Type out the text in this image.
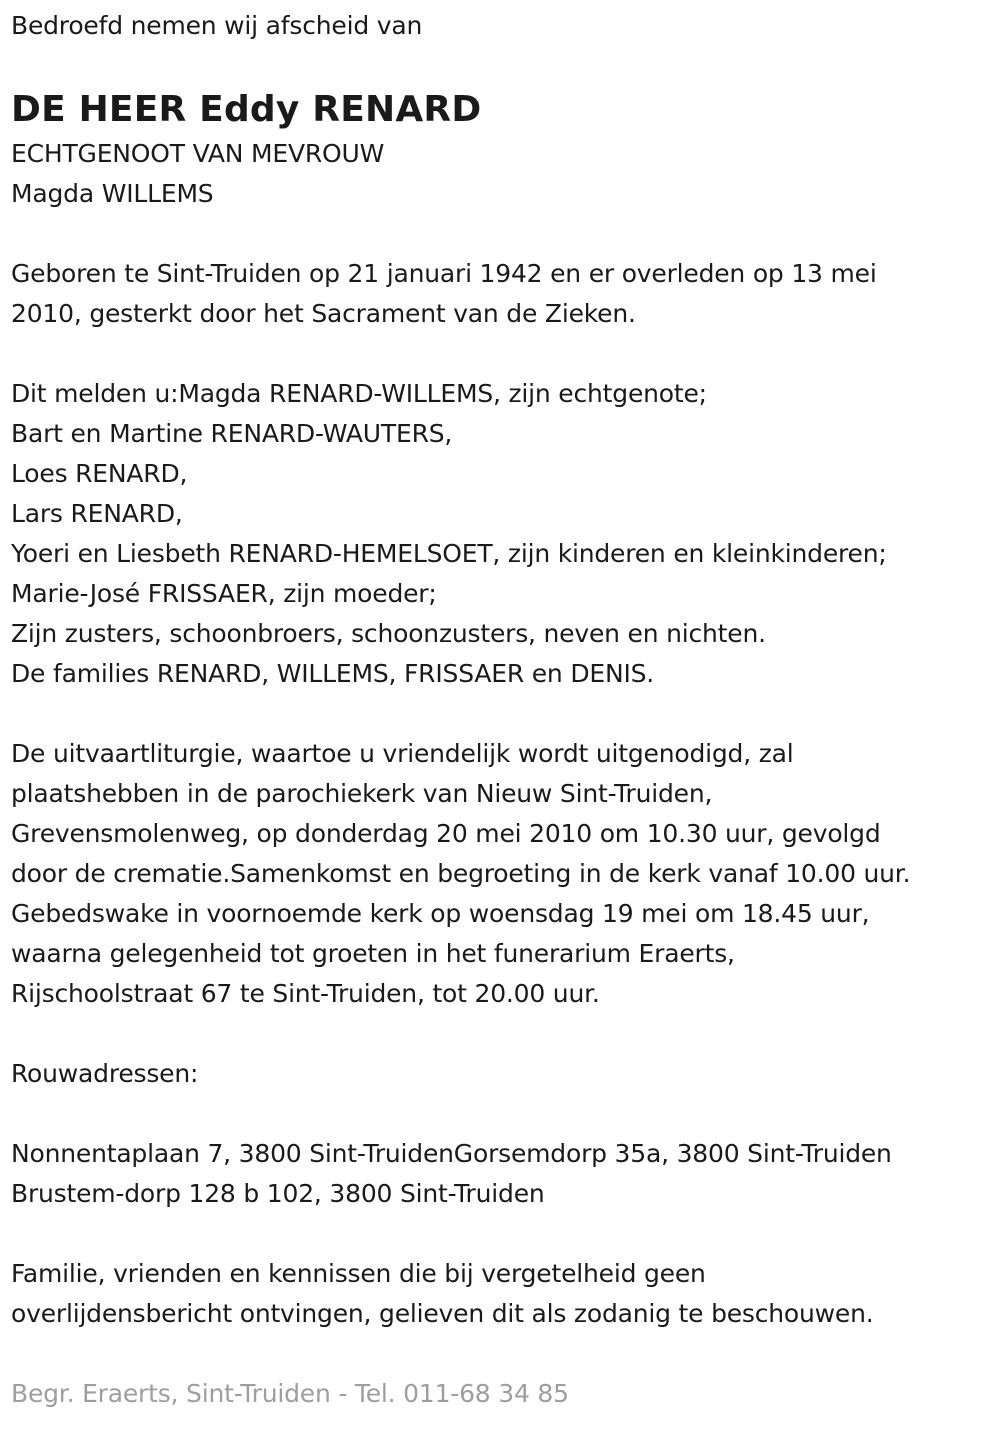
Bedroefd nemen wij afscheid van
DE HEER Eddy RENARD
ECHTGENOOT VAN MEVROUW
Magda WILLEMS
Geboren te Sint-Truiden op 21 januari 1942 en er overleden op 13 mei
2010, gesterkt door het Sacrament van de Zieken.
Dit melden u:Magda RENARD-WILLEMS, zijn echtgenote;
Bart en Martine RENARD-WAUTERS,
Loes RENARD,
Lars RENARD,
Yoeri en Liesbeth RENARD-HEMELSOET, zijn kinderen en kleinkinderen;
Marie-José FRISSAER, zijn moeder;
Zijn zusters, schoonbroers, schoonzusters, neven en nichten.
De families RENARD, WILLEMS, FRISSAER en DENIS.
De uitvaartliturgie, waartoe u vriendelijk wordt uitgenodigd, zal
plaatshebben in de parochiekerk van Nieuw Sint-Truiden,
Grevensmolenweg, op donderdag 20 mei 2010 om 10.30 uur, gevolgd
door de crematie.Samenkomst en begroeting in de kerk vanaf 10.00 uur.
Gebedswake in voornoemde kerk op woensdag 19 mei om 18.45 uur,
waarna gelegenheid tot groeten in het funerarium Eraerts,
Rijschoolstraat 67 te Sint-Truiden, tot 20.00 uur.
Rouwadressen:
Nonnentaplaan 7, 3800 Sint-TruidenGorsemdorp 35a, 3800 Sint-Truiden
Brustem-dorp 128 b 102, 3800 Sint-Truiden
Familie, vrienden en kennissen die bij vergetelheid geen
overlijdensbericht ontvingen, gelieven dit als zodanig te beschouwen.
Begr. Eraerts, Sint-Truiden - Tel. 011-68 34 85
